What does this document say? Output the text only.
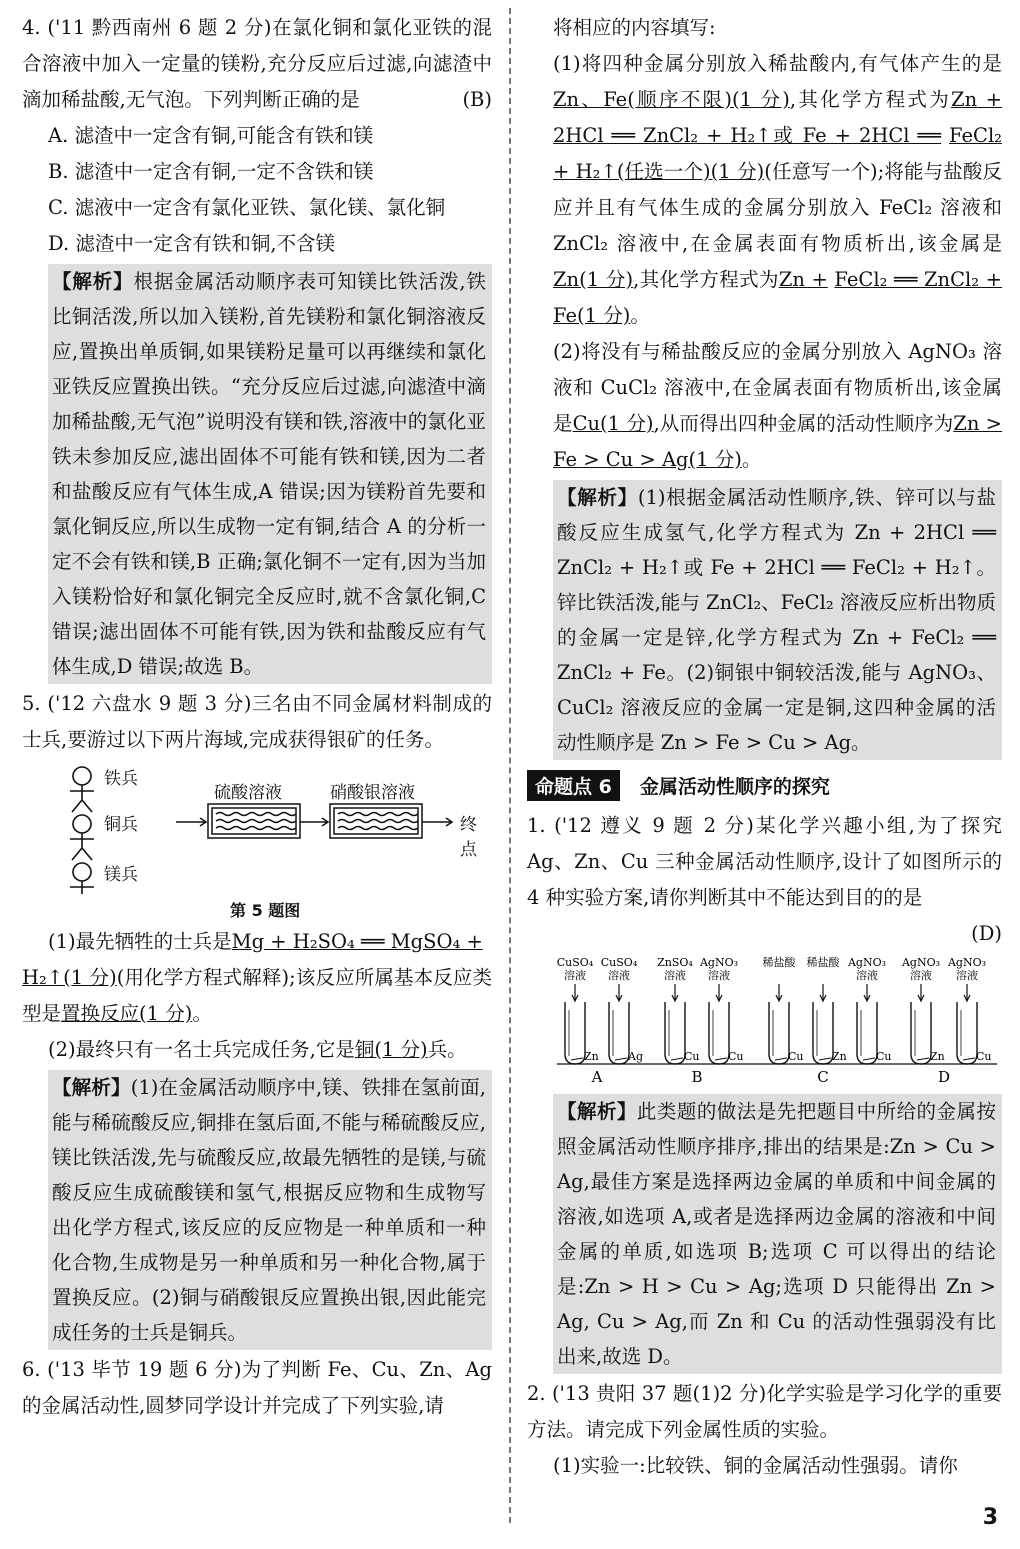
4. ('11 黔西南州 6 题 2 分)在氯化铜和氯化亚铁的混合溶液中加入一定量的镁粉,充分反应后过滤,向滤渣中滴加稀盐酸,无气泡。下列判断正确的是	(B)

A. 滤渣中一定含有铜,可能含有铁和镁

B. 滤渣中一定含有铜,一定不含铁和镁

C. 滤液中一定含有氯化亚铁、氯化镁、氯化铜

D. 滤渣中一定含有铁和铜,不含镁

【解析】根据金属活动顺序表可知镁比铁活泼,铁比铜活泼,所以加入镁粉,首先镁粉和氯化铜溶液反应,置换出单质铜,如果镁粉足量可以再继续和氯化亚铁反应置换出铁。“充分反应后过滤,向滤渣中滴加稀盐酸,无气泡”说明没有镁和铁,溶液中的氯化亚铁未参加反应,滤出固体不可能有铁和镁,因为二者和盐酸反应有气体生成,A 错误;因为镁粉首先要和氯化铜反应,所以生成物一定有铜,结合 A 的分析一定不会有铁和镁,B 正确;氯化铜不一定有,因为当加入镁粉恰好和氯化铜完全反应时,就不含氯化铜,C 错误;滤出固体不可能有铁,因为铁和盐酸反应有气体生成,D 错误;故选 B。

5. ('12 六盘水 9 题 3 分)三名由不同金属材料制成的士兵,要游过以下两片海域,完成获得银矿的任务。

铁兵
铜兵
镁兵
硫酸溶液	硝酸银溶液
终点
第 5 题图

(1)最先牺牲的士兵是Mg + H₂SO₄ ══ MgSO₄ +

H₂↑(1 分)(用化学方程式解释);该反应所属基本反应类型是置换反应(1 分)。

(2)最终只有一名士兵完成任务,它是铜(1 分)兵。

【解析】(1)在金属活动顺序中,镁、铁排在氢前面,能与稀硫酸反应,铜排在氢后面,不能与稀硫酸反应,镁比铁活泼,先与硫酸反应,故最先牺牲的是镁,与硫酸反应生成硫酸镁和氢气,根据反应物和生成物写出化学方程式,该反应的反应物是一种单质和一种化合物,生成物是另一种单质和另一种化合物,属于置换反应。(2)铜与硝酸银反应置换出银,因此能完成任务的士兵是铜兵。

6. ('13 毕节 19 题 6 分)为了判断 Fe、Cu、Zn、Ag 的金属活动性,圆梦同学设计并完成了下列实验,请

将相应的内容填写:

(1)将四种金属分别放入稀盐酸内,有气体产生的是Zn、Fe(顺序不限)(1 分),其化学方程式为Zn + 2HCl ══ ZnCl₂ + H₂↑或 Fe + 2HCl ══ FeCl₂ + H₂↑(任选一个)(1 分)(任意写一个);将能与盐酸反应并且有气体生成的金属分别放入 FeCl₂ 溶液和 ZnCl₂ 溶液中,在金属表面有物质析出,该金属是Zn(1 分),其化学方程式为Zn + FeCl₂ ══ ZnCl₂ + Fe(1 分)。

(2)将没有与稀盐酸反应的金属分别放入 AgNO₃ 溶液和 CuCl₂ 溶液中,在金属表面有物质析出,该金属是Cu(1 分),从而得出四种金属的活动性顺序为Zn > Fe > Cu > Ag(1 分)。

【解析】(1)根据金属活动性顺序,铁、锌可以与盐酸反应生成氢气,化学方程式为 Zn + 2HCl ══ ZnCl₂ + H₂↑或 Fe + 2HCl ══ FeCl₂ + H₂↑。锌比铁活泼,能与 ZnCl₂、FeCl₂ 溶液反应析出物质的金属一定是锌,化学方程式为 Zn + FeCl₂ ══ ZnCl₂ + Fe。(2)铜银中铜较活泼,能与 AgNO₃、CuCl₂ 溶液反应的金属一定是铜,这四种金属的活动性顺序是 Zn > Fe > Cu > Ag。

命题点 6	金属活动性顺序的探究

1. ('12 遵义 9 题 2 分)某化学兴趣小组,为了探究 Ag、Zn、Cu 三种金属活动性顺序,设计了如图所示的 4 种实验方案,请你判断其中不能达到目的的是

(D)

CuSO₄
溶液
Zn
CuSO₄
溶液
Ag
ZnSO₄
溶液
Cu
AgNO₃
溶液
Cu
稀盐酸
Cu
稀盐酸
Zn
AgNO₃
溶液
Cu
AgNO₃
溶液
Zn
AgNO₃
溶液
Cu
A	B	C	D

【解析】此类题的做法是先把题目中所给的金属按照金属活动性顺序排序,排出的结果是:Zn > Cu > Ag,最佳方案是选择两边金属的单质和中间金属的溶液,如选项 A,或者是选择两边金属的溶液和中间金属的单质,如选项 B;选项 C 可以得出的结论是:Zn > H > Cu > Ag;选项 D 只能得出 Zn > Ag, Cu > Ag,而 Zn 和 Cu 的活动性强弱没有比出来,故选 D。

2. ('13 贵阳 37 题(1)2 分)化学实验是学习化学的重要方法。请完成下列金属性质的实验。

(1)实验一:比较铁、铜的金属活动性强弱。请你

3
